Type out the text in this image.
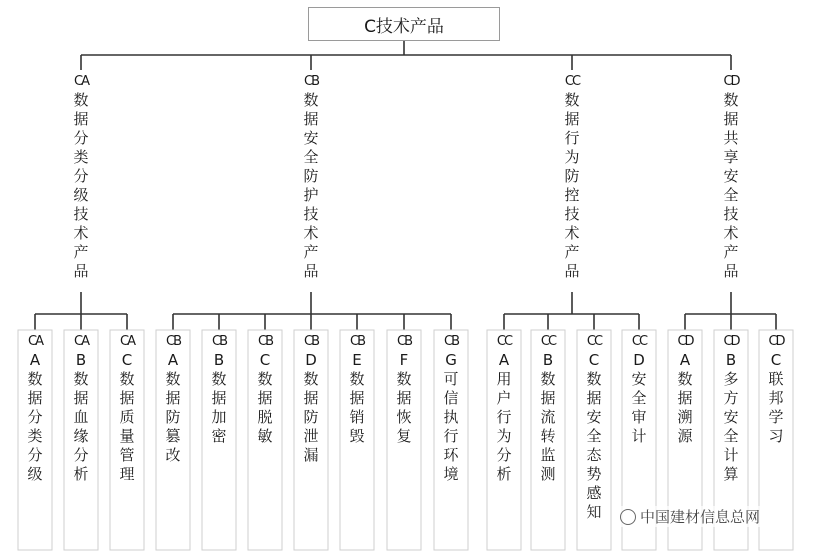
C技术产品
CA
数
据
分
类
分
级
技
术
产
品
CB
数
据
安
全
防
护
技
术
产
品
CC
数
据
行
为
防
控
技
术
产
品
CD
数
据
共
享
安
全
技
术
产
品
CA
A
数
据
分
类
分
级
CA
B
数
据
血
缘
分
析
CA
C
数
据
质
量
管
理
CB
A
数
据
防
篡
改
CB
B
数
据
加
密
CB
C
数
据
脱
敏
CB
D
数
据
防
泄
漏
CB
E
数
据
销
毁
CB
F
数
据
恢
复
CB
G
可
信
执
行
环
境
CC
A
用
户
行
为
分
析
CC
B
数
据
流
转
监
测
CC
C
数
据
安
全
态
势
感
知
CC
D
安
全
审
计
CD
A
数
据
溯
源
CD
B
多
方
安
全
计
算
CD
C
联
邦
学
习
中国建材信息总网
